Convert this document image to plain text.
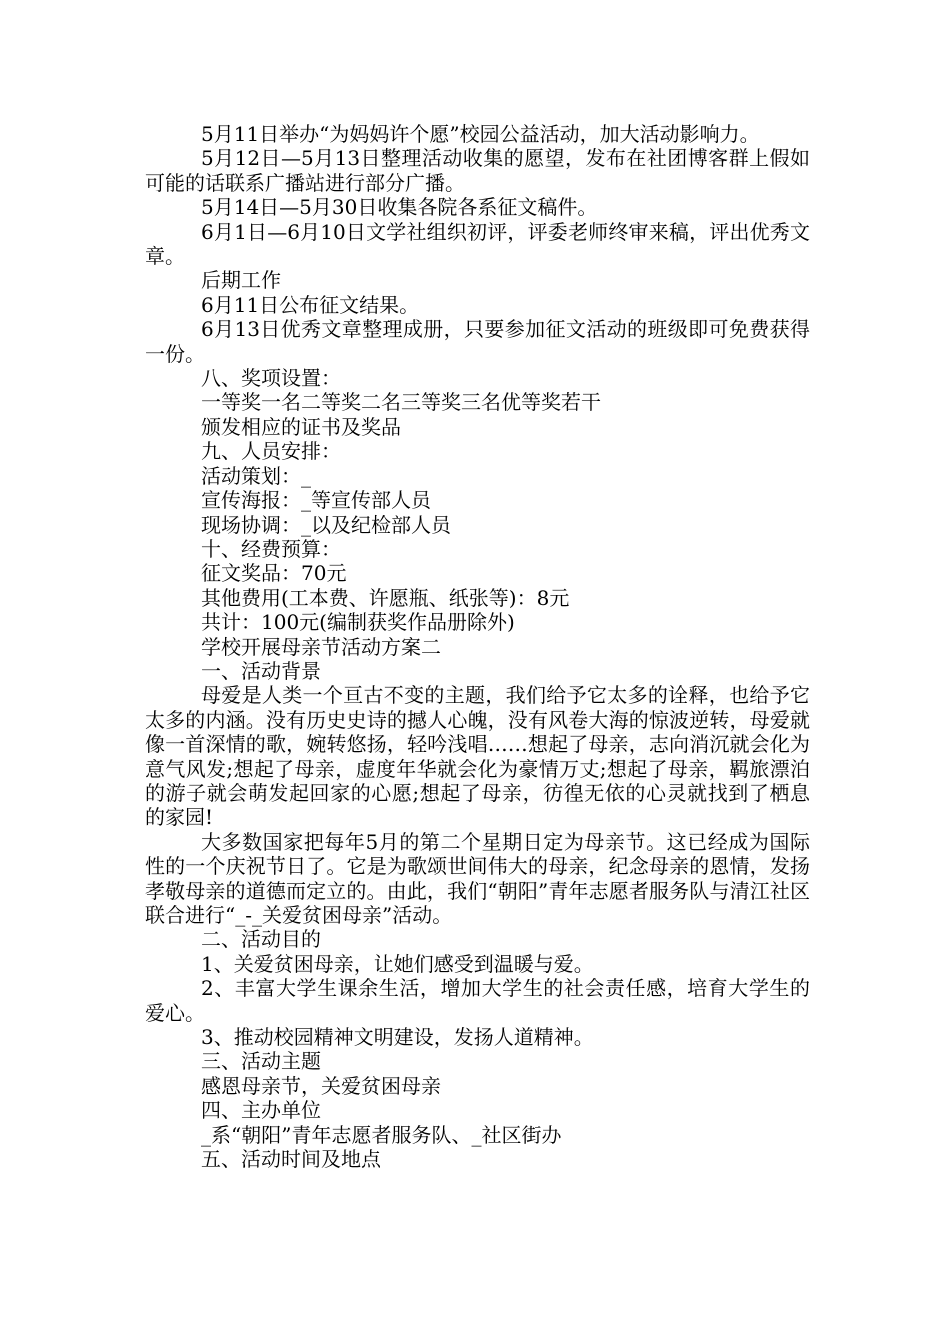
5月11日举办“为妈妈许个愿”校园公益活动，加大活动影响力。

5月12日—5月13日整理活动收集的愿望，发布在社团博客群上假如可能的话联系广播站进行部分广播。

5月14日—5月30日收集各院各系征文稿件。

6月1日—6月10日文学社组织初评，评委老师终审来稿，评出优秀文章。

后期工作

6月11日公布征文结果。

6月13日优秀文章整理成册，只要参加征文活动的班级即可免费获得一份。

八、奖项设置：

一等奖一名二等奖二名三等奖三名优等奖若干

颁发相应的证书及奖品

九、人员安排：

活动策划：_

宣传海报：_等宣传部人员

现场协调：_以及纪检部人员

十、经费预算：

征文奖品：70元

其他费用(工本费、许愿瓶、纸张等)：8元

共计：100元(编制获奖作品册除外)

学校开展母亲节活动方案二

一、活动背景

母爱是人类一个亘古不变的主题，我们给予它太多的诠释，也给予它太多的内涵。没有历史史诗的撼人心魄，没有风卷大海的惊波逆转，母爱就像一首深情的歌，婉转悠扬，轻吟浅唱……想起了母亲，志向消沉就会化为意气风发;想起了母亲，虚度年华就会化为豪情万丈;想起了母亲，羁旅漂泊的游子就会萌发起回家的心愿;想起了母亲，彷徨无依的心灵就找到了栖息的家园!

大多数国家把每年5月的第二个星期日定为母亲节。这已经成为国际性的一个庆祝节日了。它是为歌颂世间伟大的母亲，纪念母亲的恩情，发扬孝敬母亲的道德而定立的。由此，我们“朝阳”青年志愿者服务队与清江社区联合进行“_-_关爱贫困母亲”活动。

二、活动目的

1、关爱贫困母亲，让她们感受到温暖与爱。

2、丰富大学生课余生活，增加大学生的社会责任感，培育大学生的爱心。

3、推动校园精神文明建设，发扬人道精神。

三、活动主题

感恩母亲节，关爱贫困母亲

四、主办单位

_系“朝阳”青年志愿者服务队、_社区街办

五、活动时间及地点
